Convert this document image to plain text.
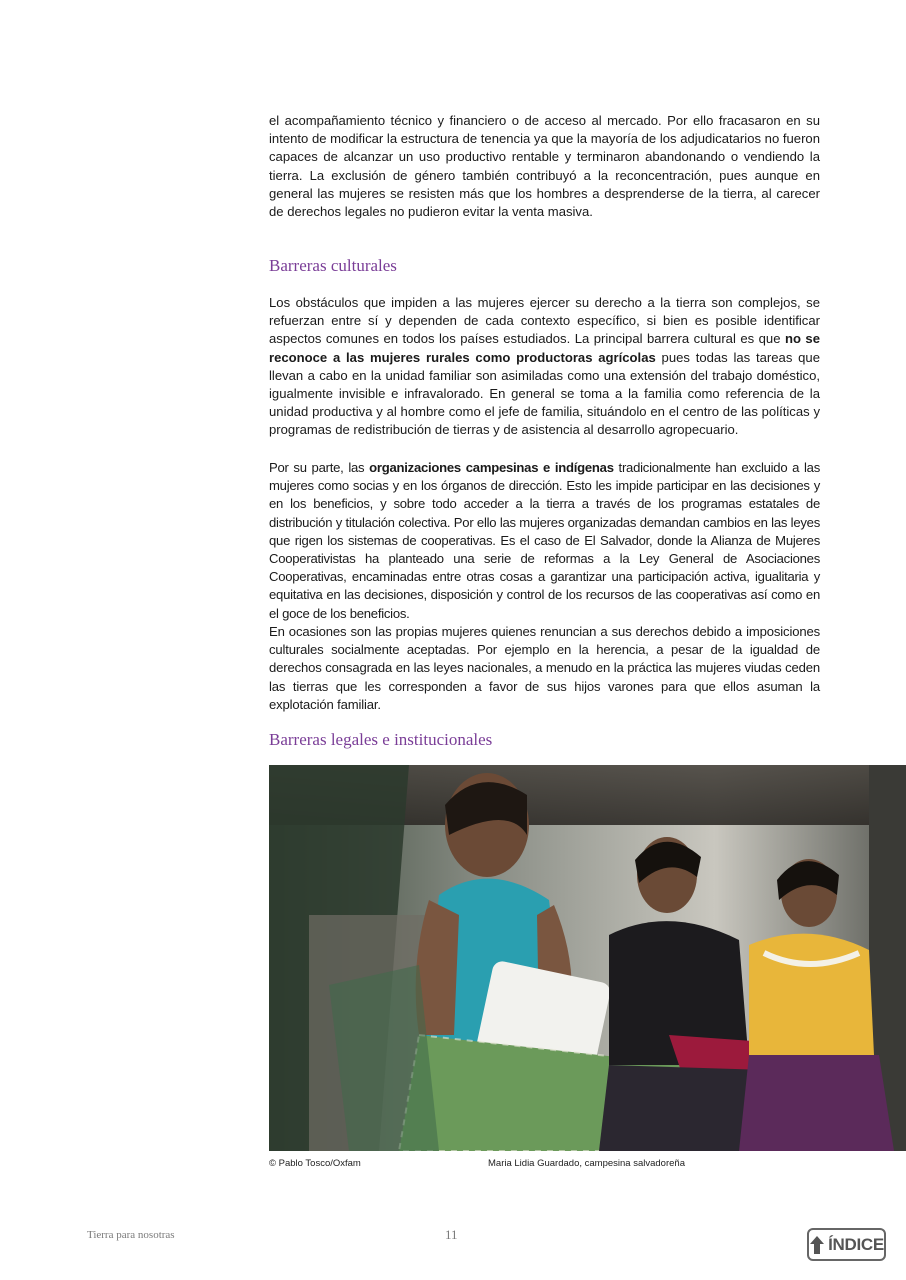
el acompañamiento técnico y financiero o de acceso al mercado. Por ello fracasaron en su intento de modificar la estructura de tenencia ya que la mayoría de los adjudicatarios no fueron capaces de alcanzar un uso productivo rentable y terminaron abandonando o vendiendo la tierra. La exclusión de género también contribuyó a la reconcentración, pues aunque en general las mujeres se resisten más que los hombres a desprenderse de la tierra, al carecer de derechos legales no pudieron evitar la venta masiva.

Barreras culturales

Los obstáculos que impiden a las mujeres ejercer su derecho a la tierra son complejos, se refuerzan entre sí y dependen de cada contexto específico, si bien es posible identificar aspectos comunes en todos los países estudiados. La principal barrera cultural es que no se reconoce a las mujeres rurales como productoras agrícolas pues todas las tareas que llevan a cabo en la unidad familiar son asimiladas como una extensión del trabajo doméstico, igualmente invisible e infravalorado. En general se toma a la familia como referencia de la unidad productiva y al hombre como el jefe de familia, situándolo en el centro de las políticas y programas de redistribución de tierras y de asistencia al desarrollo agropecuario.

Por su parte, las organizaciones campesinas e indígenas tradicionalmente han excluido a las mujeres como socias y en los órganos de dirección. Esto les impide participar en las decisiones y en los beneficios, y sobre todo acceder a la tierra a través de los programas estatales de distribución y titulación colectiva. Por ello las mujeres organizadas demandan cambios en las leyes que rigen los sistemas de cooperativas. Es el caso de El Salvador, donde la Alianza de Mujeres Cooperativistas ha planteado una serie de reformas a la Ley General de Asociaciones Cooperativas, encaminadas entre otras cosas a garantizar una participación activa, igualitaria y equitativa en las decisiones, disposición y control de los recursos de las cooperativas así como en el goce de los beneficios.

En ocasiones son las propias mujeres quienes renuncian a sus derechos debido a imposiciones culturales socialmente aceptadas. Por ejemplo en la herencia, a pesar de la igualdad de derechos consagrada en las leyes nacionales, a menudo en la práctica las mujeres viudas ceden las tierras que les corresponden a favor de sus hijos varones para que ellos asuman la explotación familiar.

Barreras legales e institucionales
© Pablo Tosco/Oxfam	Maria Lidia Guardado, campesina salvadoreña
Tierra para nosotras	11	ÍNDICE
